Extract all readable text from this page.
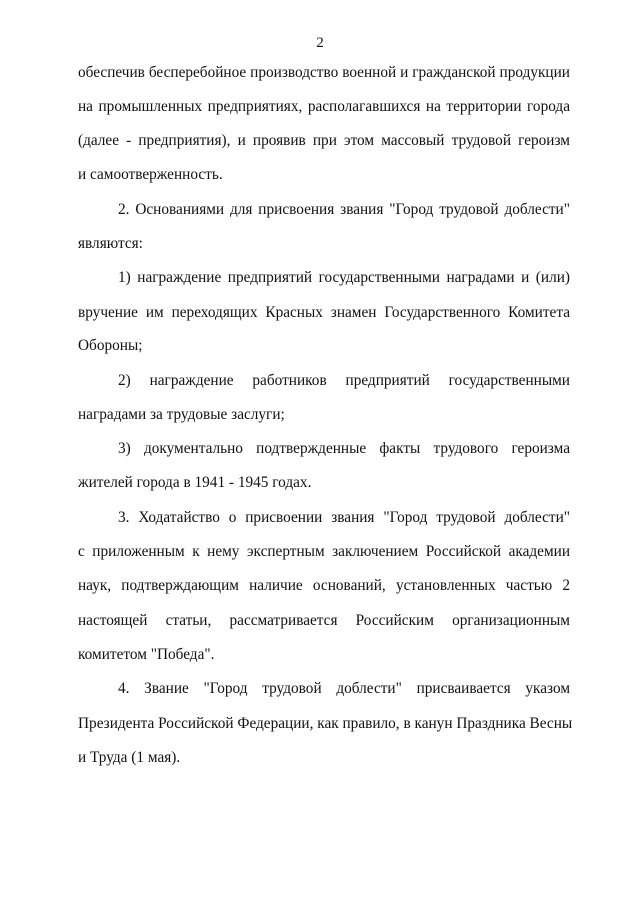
2
обеспечив бесперебойное производство военной и гражданской продукции
на промышленных предприятиях, располагавшихся на территории города
(далее - предприятия), и проявив при этом массовый трудовой героизм
и самоотверженность.
2. Основаниями для присвоения звания "Город трудовой доблести"
являются:
1) награждение предприятий государственными наградами и (или)
вручение им переходящих Красных знамен Государственного Комитета
Обороны;
2) награждение работников предприятий государственными
наградами за трудовые заслуги;
3) документально подтвержденные факты трудового героизма
жителей города в 1941 - 1945 годах.
3. Ходатайство о присвоении звания "Город трудовой доблести"
с приложенным к нему экспертным заключением Российской академии
наук, подтверждающим наличие оснований, установленных частью 2
настоящей статьи, рассматривается Российским организационным
комитетом "Победа".
4. Звание "Город трудовой доблести" присваивается указом
Президента Российской Федерации, как правило, в канун Праздника Весны
и Труда (1 мая).
